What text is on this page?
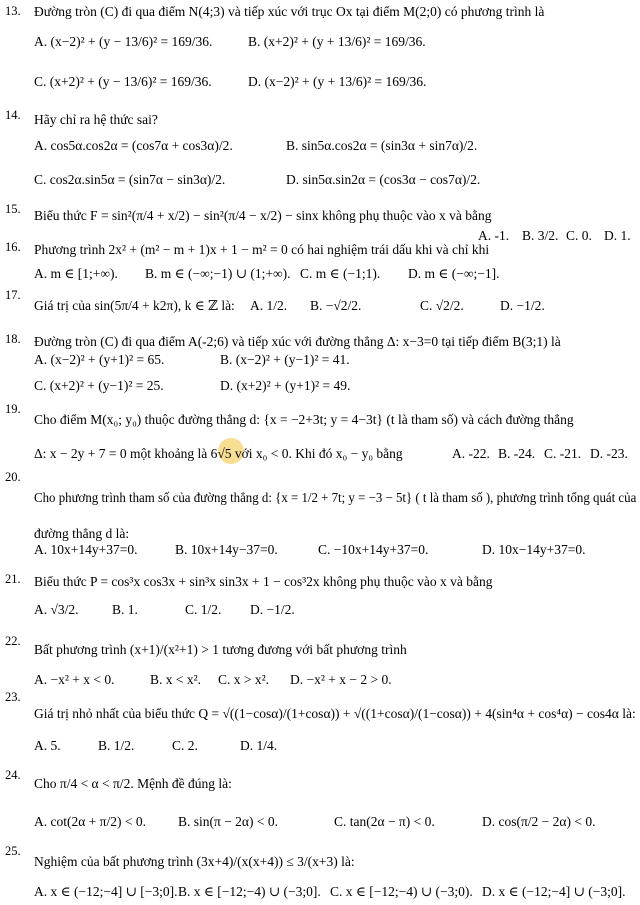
13. Đường tròn (C) đi qua điểm N(4;3) và tiếp xúc với trục Ox tại điểm M(2;0) có phương trình là
A. (x−2)² + (y − 13/6)² = 169/36.	B. (x+2)² + (y + 13/6)² = 169/36.
C. (x+2)² + (y − 13/6)² = 169/36.	D. (x−2)² + (y + 13/6)² = 169/36.
14. Hãy chỉ ra hệ thức sai?
A. cos5α.cos2α = (cos7α + cos3α)/2.	B. sin5α.cos2α = (sin3α + sin7α)/2.
C. cos2α.sin5α = (sin7α − sin3α)/2.	D. sin5α.sin2α = (cos3α − cos7α)/2.
15. Biểu thức F = sin²(π/4 + x/2) − sin²(π/4 − x/2) − sinx không phụ thuộc vào x và bằng
A. -1. B. 3/2. C. 0. D. 1.
16. Phương trình 2x² + (m² − m + 1)x + 1 − m² = 0 có hai nghiệm trái dấu khi và chỉ khi
A. m ∈ [1;+∞). B. m ∈ (−∞;−1) ∪ (1;+∞). C. m ∈ (−1;1). D. m ∈ (−∞;−1].
17.
Giá trị của sin(5π/4 + k2π), k ∈ ℤ là: A. 1/2. B. −√2/2.	C. √2/2.	D. −1/2.
18. Đường tròn (C) đi qua điểm A(-2;6) và tiếp xúc với đường thẳng Δ: x−3=0 tại tiếp điểm B(3;1) là
A. (x−2)² + (y+1)² = 65.	B. (x−2)² + (y−1)² = 41.
C. (x+2)² + (y−1)² = 25.	D. (x+2)² + (y+1)² = 49.
19.
Cho điểm M(x₀; y₀) thuộc đường thẳng d: {x = −2+3t; y = 4−3t} (t là tham số) và cách đường thẳng
Δ: x − 2y + 7 = 0 một khoảng là 6√5 với x₀ < 0. Khi đó x₀ − y₀ bằng	A. -22. B. -24. C. -21. D. -23.
20.
Cho phương trình tham số của đường thẳng d: {x = 1/2 + 7t; y = −3 − 5t} ( t là tham số ), phương trình tổng quát của
đường thẳng d là:
A. 10x+14y+37=0.	B. 10x+14y−37=0.	C. −10x+14y+37=0.	D. 10x−14y+37=0.
21. Biểu thức P = cos³x cos3x + sin³x sin3x + 1 − cos³2x không phụ thuộc vào x và bằng
A. √3/2. B. 1.	C. 1/2. D. −1/2.
22.
Bất phương trình (x+1)/(x²+1) > 1 tương đương với bất phương trình
A. −x² + x < 0.	B. x < x². C. x > x². D. −x² + x − 2 > 0.
23.
Giá trị nhỏ nhất của biểu thức Q = √((1−cosα)/(1+cosα)) + √((1+cosα)/(1−cosα)) + 4(sin⁴α + cos⁴α) − cos4α là:
A. 5.	B. 1/2.	C. 2.	D. 1/4.
24.
Cho π/4 < α < π/2. Mệnh đề đúng là:
A. cot(2α + π/2) < 0. B. sin(π − 2α) < 0.	C. tan(2α − π) < 0.	D. cos(π/2 − 2α) < 0.
25.
Nghiệm của bất phương trình (3x+4)/(x(x+4)) ≤ 3/(x+3) là:
A. x ∈ (−12;−4] ∪ [−3;0]. B. x ∈ [−12;−4) ∪ (−3;0]. C. x ∈ [−12;−4) ∪ (−3;0). D. x ∈ (−12;−4] ∪ (−3;0].
